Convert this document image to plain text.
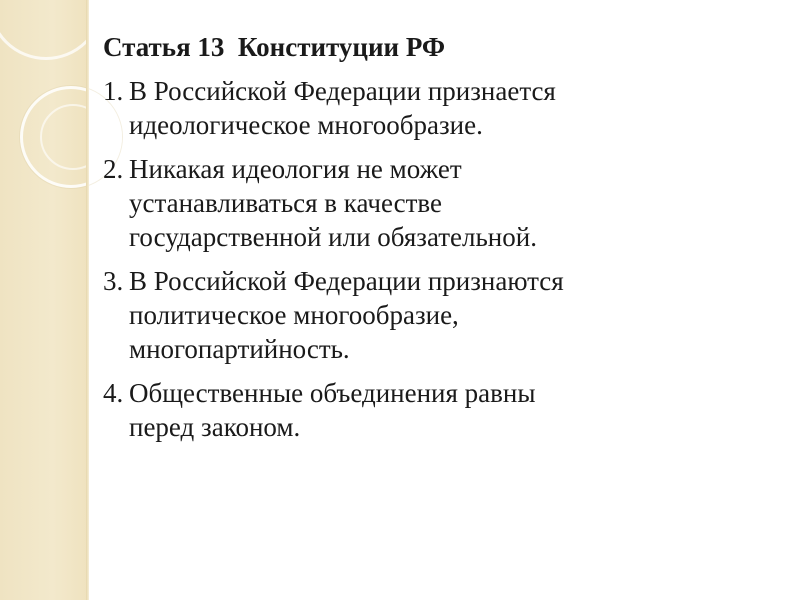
Статья 13  Конституции РФ
1. В Российской Федерации признается
идеологическое многообразие.
2. Никакая идеология не может
устанавливаться в качестве
государственной или обязательной.
3. В Российской Федерации признаются
политическое многообразие,
многопартийность.
4. Общественные объединения равны
перед законом.
